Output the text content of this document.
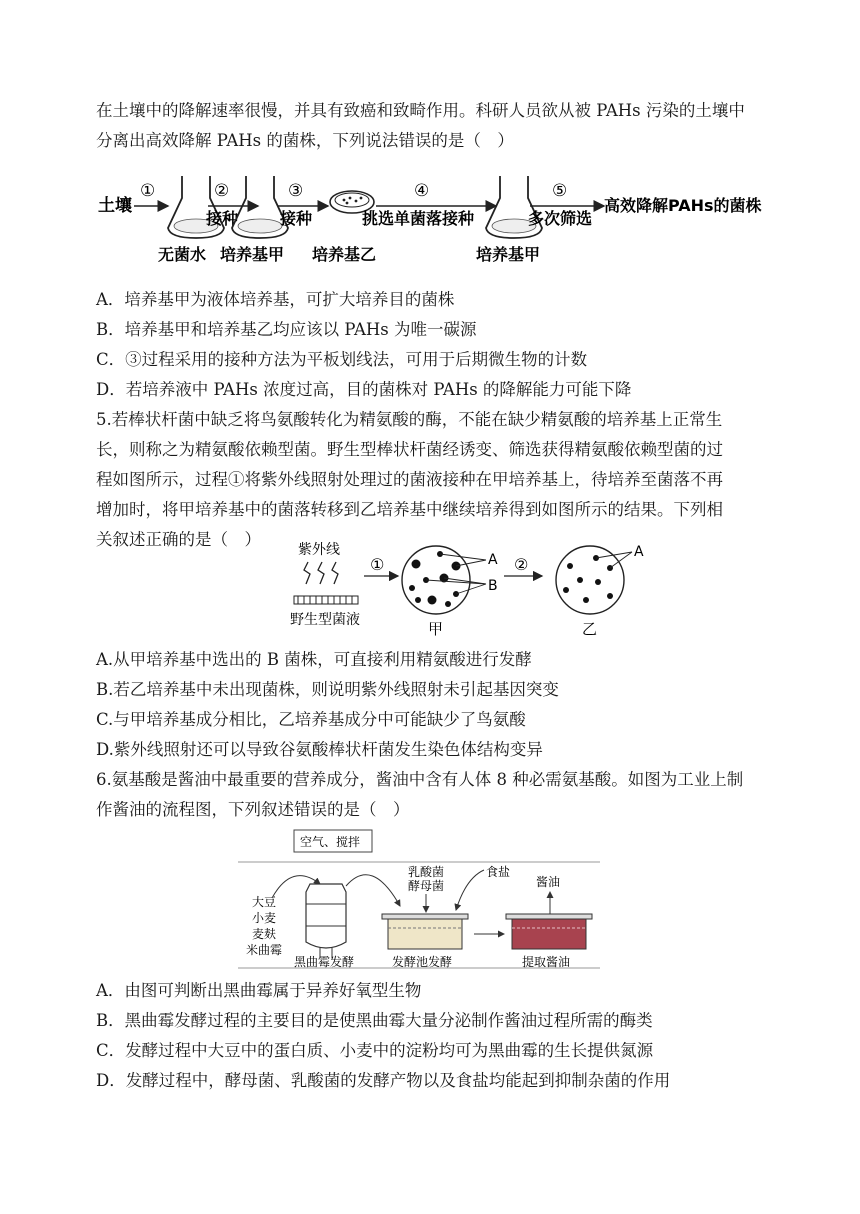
在土壤中的降解速率很慢，并具有致癌和致畸作用。科研人员欲从被 PAHs 污染的土壤中
分离出高效降解 PAHs 的菌株，下列说法错误的是（　）
土壤
①
无菌水
②
接种
培养基甲
③
接种
培养基乙
④
挑选单菌落接种
培养基甲
⑤
多次筛选
高效降解PAHs的菌株
A．培养基甲为液体培养基，可扩大培养目的菌株
B．培养基甲和培养基乙均应该以 PAHs 为唯一碳源
C．③过程采用的接种方法为平板划线法，可用于后期微生物的计数
D．若培养液中 PAHs 浓度过高，目的菌株对 PAHs 的降解能力可能下降
5.若棒状杆菌中缺乏将鸟氨酸转化为精氨酸的酶，不能在缺少精氨酸的培养基上正常生
长，则称之为精氨酸依赖型菌。野生型棒状杆菌经诱变、筛选获得精氨酸依赖型菌的过
程如图所示，过程①将紫外线照射处理过的菌液接种在甲培养基上，待培养至菌落不再
增加时，将甲培养基中的菌落转移到乙培养基中继续培养得到如图所示的结果。下列相
关叙述正确的是（　）
紫外线
野生型菌液
①	A
B
甲
②
A
乙
A.从甲培养基中选出的 B 菌株，可直接利用精氨酸进行发酵
B.若乙培养基中未出现菌株，则说明紫外线照射未引起基因突变
C.与甲培养基成分相比，乙培养基成分中可能缺少了鸟氨酸
D.紫外线照射还可以导致谷氨酸棒状杆菌发生染色体结构变异
6.氨基酸是酱油中最重要的营养成分，酱油中含有人体 8 种必需氨基酸。如图为工业上制
作酱油的流程图，下列叙述错误的是（　）
空气、搅拌
大豆
小麦
麦麸
米曲霉
黑曲霉发酵
乳酸菌
酵母菌
食盐
发酵池发酵
酱油
提取酱油
A．由图可判断出黑曲霉属于异养好氧型生物
B．黑曲霉发酵过程的主要目的是使黑曲霉大量分泌制作酱油过程所需的酶类
C．发酵过程中大豆中的蛋白质、小麦中的淀粉均可为黑曲霉的生长提供氮源
D．发酵过程中，酵母菌、乳酸菌的发酵产物以及食盐均能起到抑制杂菌的作用
